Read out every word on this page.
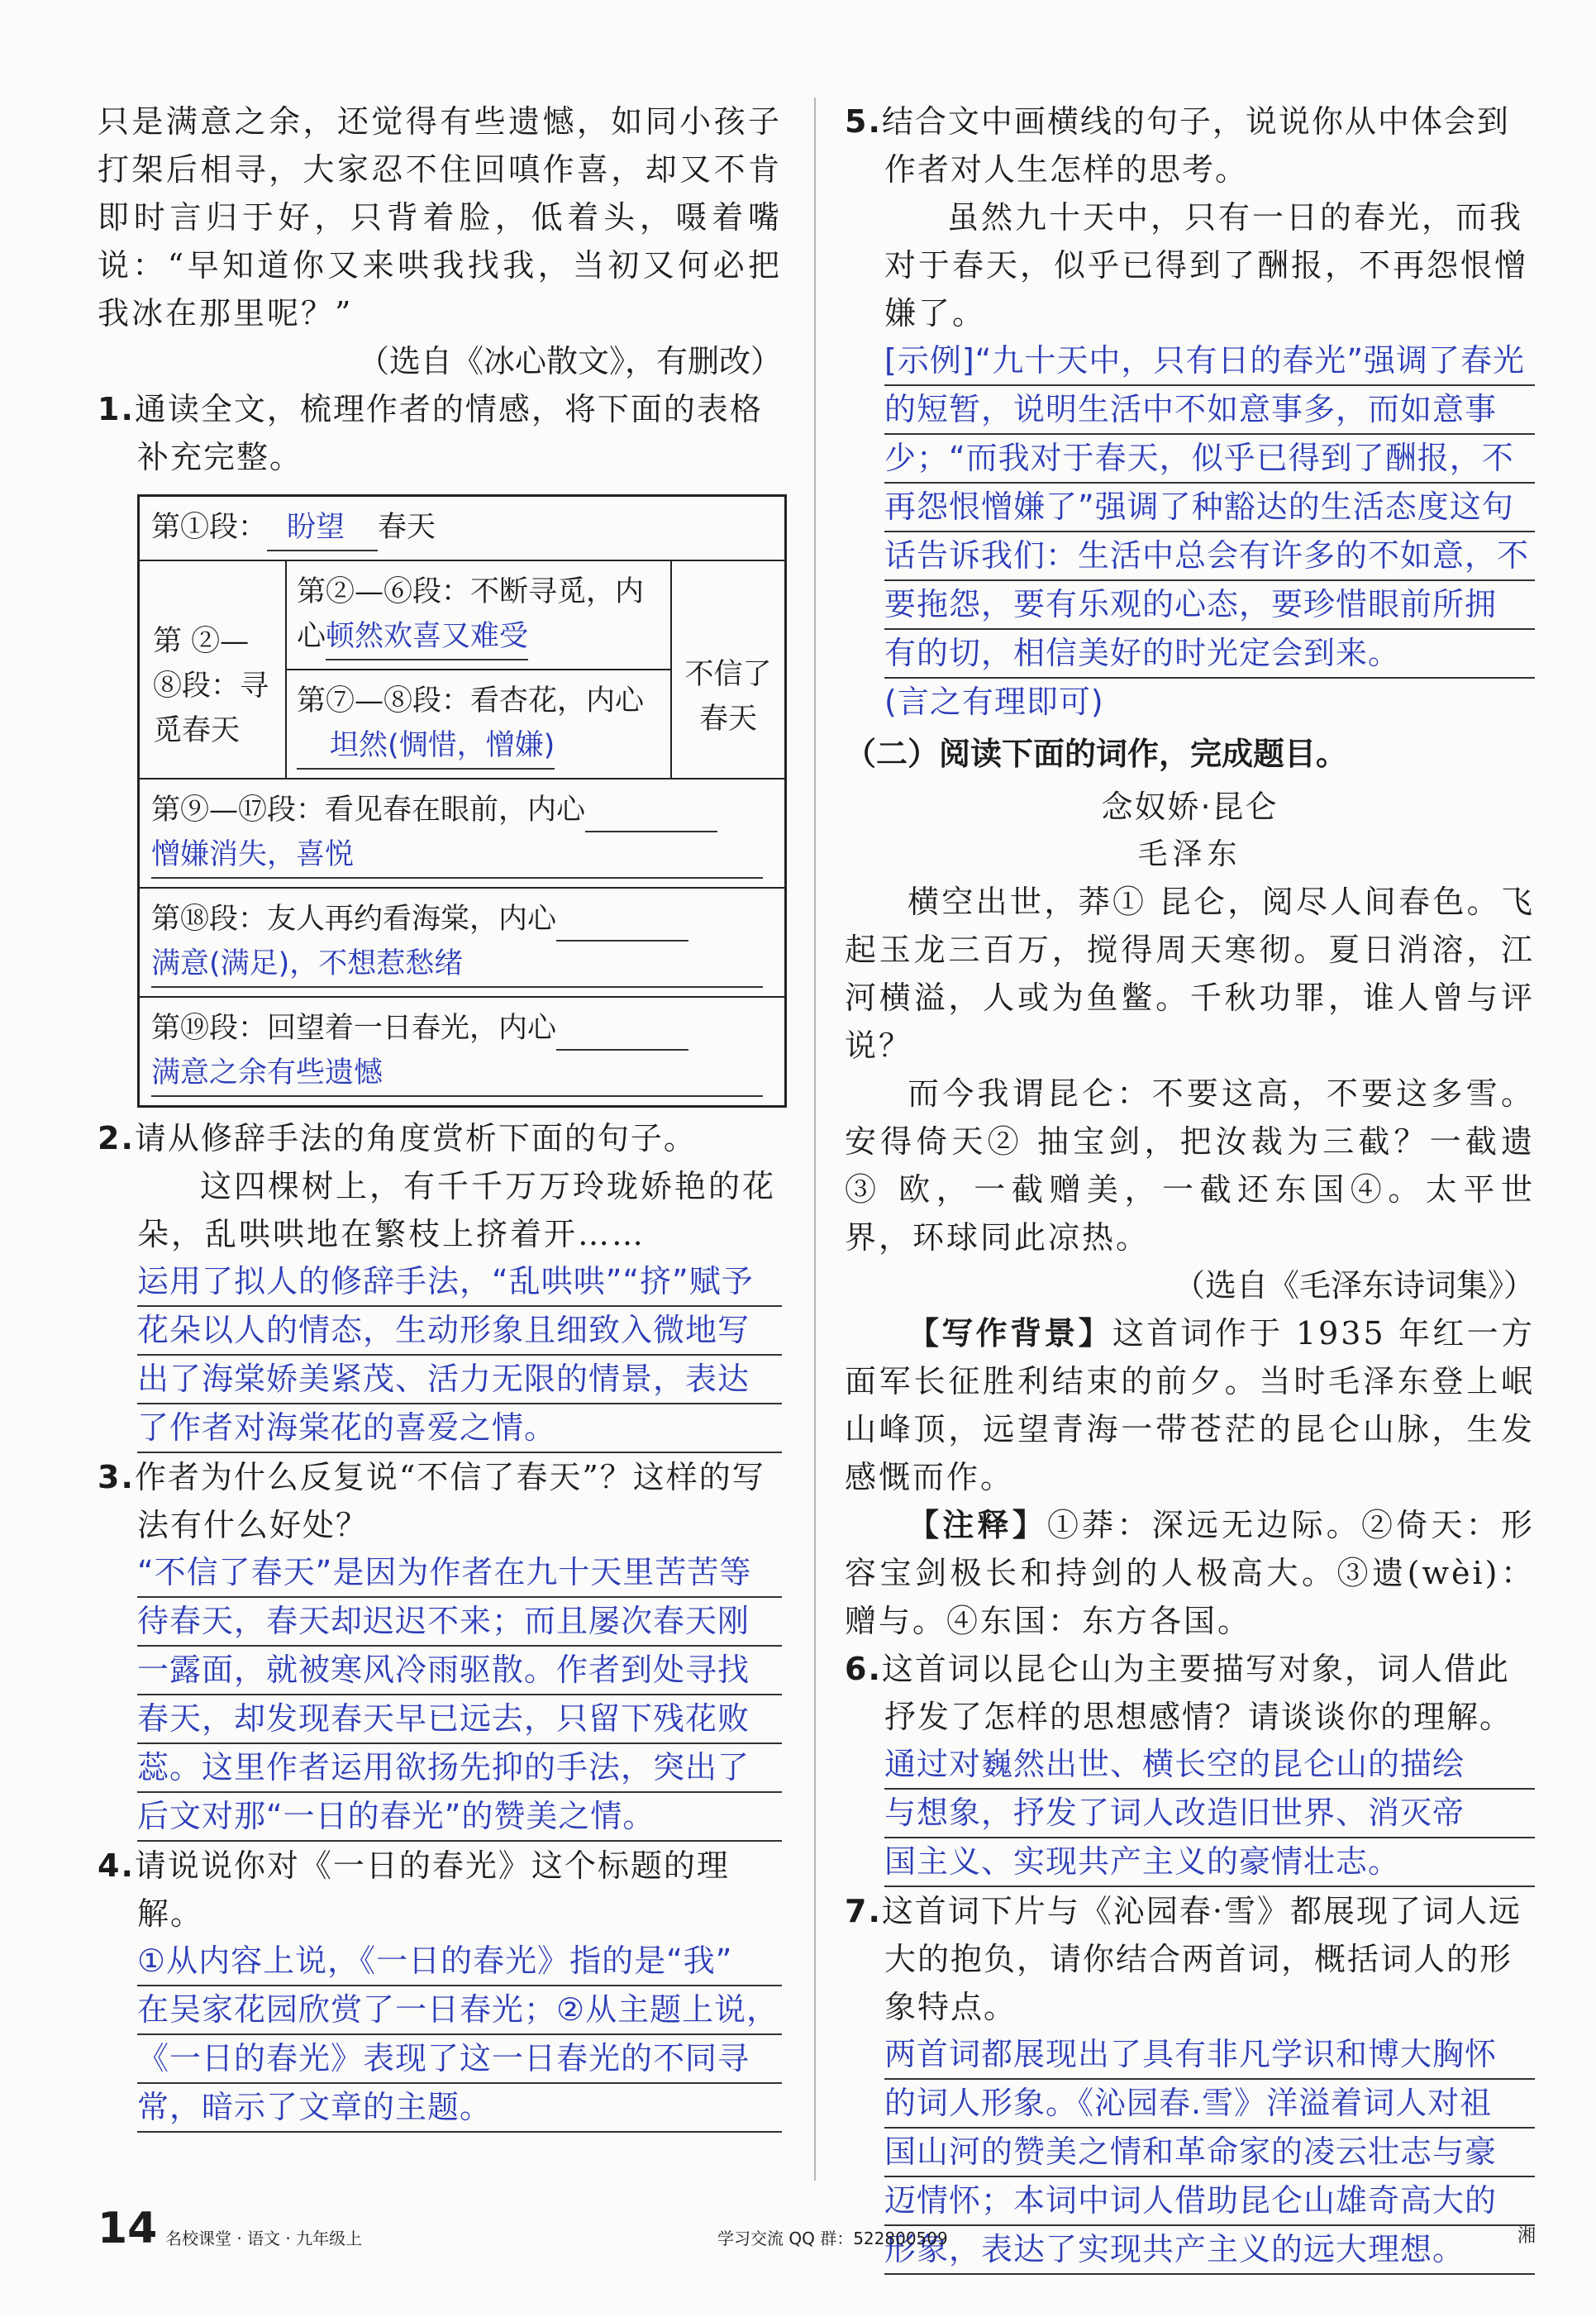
只是满意之余，还觉得有些遗憾，如同小孩子打架后相寻，大家忍不住回嗔作喜，却又不肯即时言归于好，只背着脸，低着头，嗫着嘴说：“早知道你又来哄我找我，当初又何必把我冰在那里呢？”

（选自《冰心散文》，有删改）

1.通读全文，梳理作者的情感，将下面的表格补充完整。

第①段： 盼望 春天
第 ②—⑧段：寻觅春天
第②—⑥段：不断寻觅，内心顿然欢喜又难受
第⑦—⑧段：看杏花，内心
坦然(惆惜，憎嫌)
不信了春天
第⑨—⑰段：看见春在眼前，内心
憎嫌消失，喜悦
第⑱段：友人再约看海棠，内心
满意(满足)，不想惹愁绪
第⑲段：回望着一日春光，内心
满意之余有些遗憾

2.请从修辞手法的角度赏析下面的句子。

这四棵树上，有千千万万玲珑娇艳的花朵，乱哄哄地在繁枝上挤着开……

运用了拟人的修辞手法，“乱哄哄”“挤”赋予
花朵以人的情态，生动形象且细致入微地写
出了海棠娇美紧茂、活力无限的情景，表达
了作者对海棠花的喜爱之情。

3.作者为什么反复说“不信了春天”？这样的写法有什么好处？

“不信了春天”是因为作者在九十天里苦苦等
待春天，春天却迟迟不来；而且屡次春天刚
一露面，就被寒风冷雨驱散。作者到处寻找
春天，却发现春天早已远去，只留下残花败
蕊。这里作者运用欲扬先抑的手法，突出了
后文对那“一日的春光”的赞美之情。

4.请说说你对《一日的春光》这个标题的理解。

①从内容上说，《一日的春光》指的是“我”
在吴家花园欣赏了一日春光；②从主题上说，
《一日的春光》表现了这一日春光的不同寻
常，暗示了文章的主题。

5.结合文中画横线的句子，说说你从中体会到作者对人生怎样的思考。

虽然九十天中，只有一日的春光，而我对于春天，似乎已得到了酬报，不再怨恨憎嫌了。

[示例]“九十天中，只有日的春光”强调了春光
的短暂，说明生活中不如意事多，而如意事
少；“而我对于春天，似乎已得到了酬报，不
再怨恨憎嫌了”强调了种豁达的生活态度这句
话告诉我们：生活中总会有许多的不如意，不
要拖怨，要有乐观的心态，要珍惜眼前所拥
有的切，相信美好的时光定会到来。
(言之有理即可)

（二）阅读下面的词作，完成题目。

念奴娇·昆仑

毛泽东

横空出世，莽① 昆仑，阅尽人间春色。飞起玉龙三百万，搅得周天寒彻。夏日消溶，江河横溢，人或为鱼鳖。千秋功罪，谁人曾与评说？

而今我谓昆仑：不要这高，不要这多雪。安得倚天② 抽宝剑，把汝裁为三截？一截遗③ 欧，一截赠美，一截还东国④。太平世界，环球同此凉热。

（选自《毛泽东诗词集》）

【写作背景】这首词作于 1935 年红一方面军长征胜利结束的前夕。当时毛泽东登上岷山峰顶，远望青海一带苍茫的昆仑山脉，生发感慨而作。

【注释】①莽：深远无边际。②倚天：形容宝剑极长和持剑的人极高大。③遗(wèi)：赠与。④东国：东方各国。

6.这首词以昆仑山为主要描写对象，词人借此抒发了怎样的思想感情？请谈谈你的理解。

通过对巍然出世、横长空的昆仑山的描绘
与想象，抒发了词人改造旧世界、消灭帝
国主义、实现共产主义的豪情壮志。

7.这首词下片与《沁园春·雪》都展现了词人远大的抱负，请你结合两首词，概括词人的形象特点。

两首词都展现出了具有非凡学识和博大胸怀
的词人形象。《沁园春.雪》洋溢着词人对祖
国山河的赞美之情和革命家的凌云壮志与豪
迈情怀；本词中词人借助昆仑山雄奇高大的
形象，表达了实现共产主义的远大理想。
14 名校课堂 · 语文 · 九年级上	学习交流 QQ 群：522800509	湘
